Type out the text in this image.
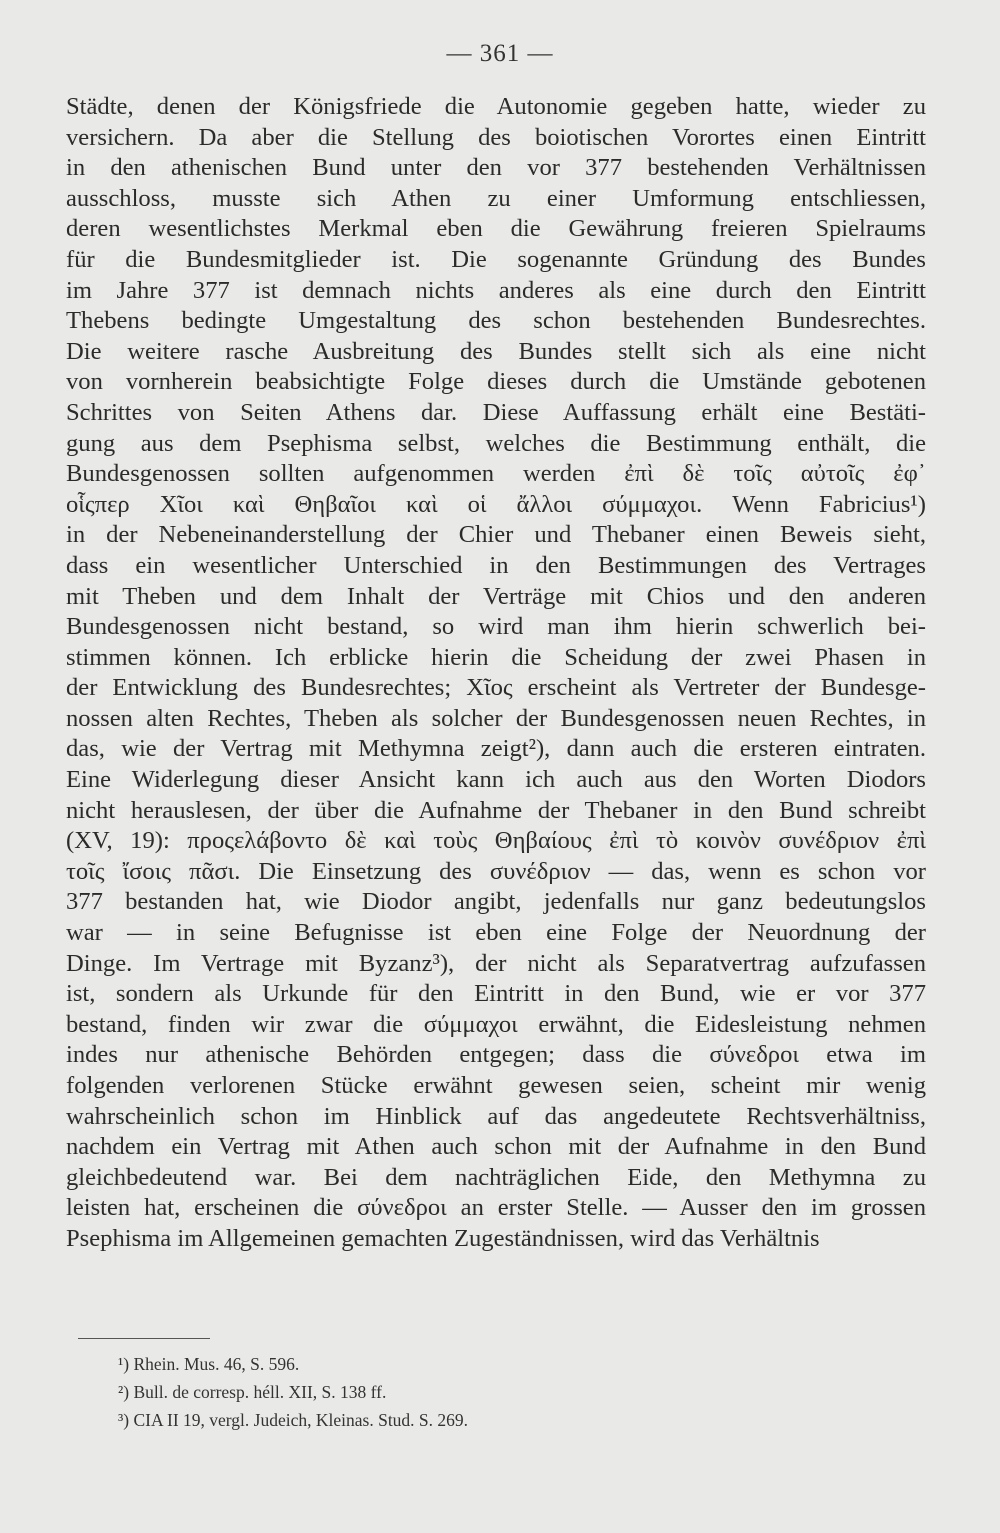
— 361 —
Städte, denen der Königsfriede die Autonomie gegeben hatte, wieder zu
versichern. Da aber die Stellung des boiotischen Vorortes einen Eintritt
in den athenischen Bund unter den vor 377 bestehenden Verhältnissen
ausschloss, musste sich Athen zu einer Umformung entschliessen,
deren wesentlichstes Merkmal eben die Gewährung freieren Spielraums
für die Bundesmitglieder ist. Die sogenannte Gründung des Bundes
im Jahre 377 ist demnach nichts anderes als eine durch den Eintritt
Thebens bedingte Umgestaltung des schon bestehenden Bundesrechtes.
Die weitere rasche Ausbreitung des Bundes stellt sich als eine nicht
von vornherein beabsichtigte Folge dieses durch die Umstände gebotenen
Schrittes von Seiten Athens dar. Diese Auffassung erhält eine Bestäti-
gung aus dem Psephisma selbst, welches die Bestimmung enthält, die
Bundesgenossen sollten aufgenommen werden ἐπὶ δὲ τοῖς αὐτοῖς ἐφ᾽
οἷςπερ Χῖοι καὶ Θηβαῖοι καὶ οἱ ἄλλοι σύμμαχοι. Wenn Fabricius¹)
in der Nebeneinanderstellung der Chier und Thebaner einen Beweis sieht,
dass ein wesentlicher Unterschied in den Bestimmungen des Vertrages
mit Theben und dem Inhalt der Verträge mit Chios und den anderen
Bundesgenossen nicht bestand, so wird man ihm hierin schwerlich bei-
stimmen können. Ich erblicke hierin die Scheidung der zwei Phasen in
der Entwicklung des Bundesrechtes; Χῖος erscheint als Vertreter der Bundesge-
nossen alten Rechtes, Theben als solcher der Bundesgenossen neuen Rechtes, in
das, wie der Vertrag mit Methymna zeigt²), dann auch die ersteren eintraten.
Eine Widerlegung dieser Ansicht kann ich auch aus den Worten Diodors
nicht herauslesen, der über die Aufnahme der Thebaner in den Bund schreibt
(XV, 19): προςελάβοντο δὲ καὶ τοὺς Θηβαίους ἐπὶ τὸ κοινὸν συνέδριον ἐπὶ
τοῖς ἴσοις πᾶσι. Die Einsetzung des συνέδριον — das, wenn es schon vor
377 bestanden hat, wie Diodor angibt, jedenfalls nur ganz bedeutungslos
war — in seine Befugnisse ist eben eine Folge der Neuordnung der
Dinge. Im Vertrage mit Byzanz³), der nicht als Separatvertrag aufzufassen
ist, sondern als Urkunde für den Eintritt in den Bund, wie er vor 377
bestand, finden wir zwar die σύμμαχοι erwähnt, die Eidesleistung nehmen
indes nur athenische Behörden entgegen; dass die σύνεδροι etwa im
folgenden verlorenen Stücke erwähnt gewesen seien, scheint mir wenig
wahrscheinlich schon im Hinblick auf das angedeutete Rechtsverhältniss,
nachdem ein Vertrag mit Athen auch schon mit der Aufnahme in den Bund
gleichbedeutend war. Bei dem nachträglichen Eide, den Methymna zu
leisten hat, erscheinen die σύνεδροι an erster Stelle. — Ausser den im grossen
Psephisma im Allgemeinen gemachten Zugeständnissen, wird das Verhältnis
¹) Rhein. Mus. 46, S. 596.
²) Bull. de corresp. héll. XII, S. 138 ff.
³) CIA II 19, vergl. Judeich, Kleinas. Stud. S. 269.
